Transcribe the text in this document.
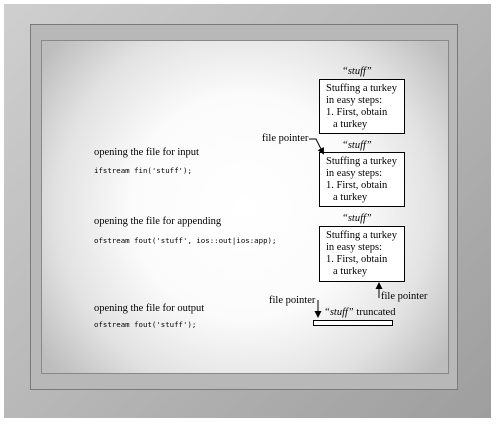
“stuff”
Stuffing a turkey
in easy steps:
1. First, obtain
a turkey
file pointer
“stuff”
Stuffing a turkey
in easy steps:
1. First, obtain
a turkey
opening the file for input
ifstream fin('stuff');
“stuff”
Stuffing a turkey
in easy steps:
1. First, obtain
a turkey
opening the file for appending
ofstream fout('stuff', ios::out|ios:app);
file pointer
file pointer
opening the file for output
ofstream fout('stuff');
“stuff” truncated
